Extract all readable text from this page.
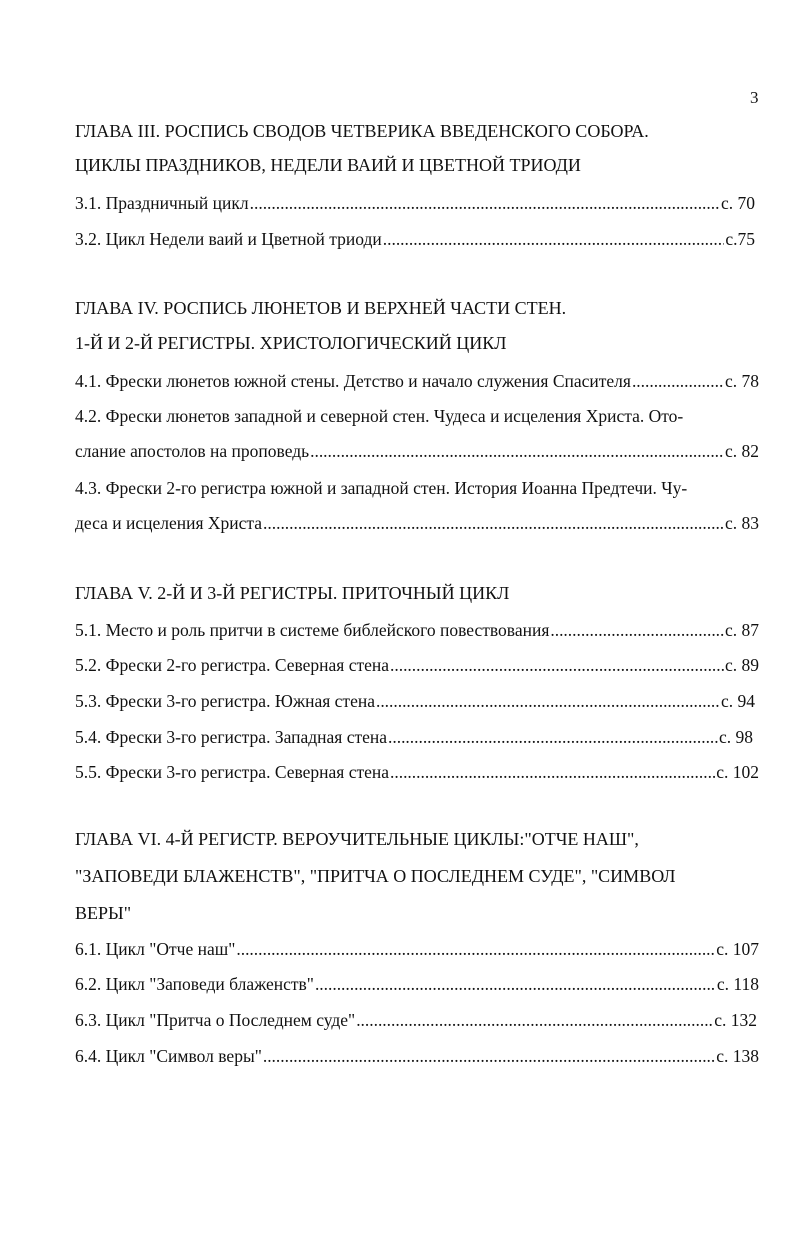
3
ГЛАВА III. РОСПИСЬ СВОДОВ ЧЕТВЕРИКА ВВЕДЕНСКОГО СОБОРА.
ЦИКЛЫ ПРАЗДНИКОВ, НЕДЕЛИ ВАИЙ И ЦВЕТНОЙ ТРИОДИ
3.1. Праздничный цикл . . .	с. 70
3.2. Цикл Недели ваий и Цветной триоди . . .	с.75
ГЛАВА IV. РОСПИСЬ ЛЮНЕТОВ И ВЕРХНЕЙ ЧАСТИ СТЕН.
1-Й И 2-Й РЕГИСТРЫ. ХРИСТОЛОГИЧЕСКИЙ ЦИКЛ
4.1. Фрески люнетов южной стены. Детство и начало служения Спасителя . . .	с. 78
4.2. Фрески люнетов западной и северной стен. Чудеса и исцеления Христа. Ото-
слание апостолов на проповедь . . .	с. 82
4.3. Фрески 2-го регистра южной и западной стен. История Иоанна Предтечи. Чу-
деса и исцеления Христа . . .	с. 83
ГЛАВА V. 2-Й И 3-Й РЕГИСТРЫ. ПРИТОЧНЫЙ ЦИКЛ
5.1. Место и роль притчи в системе библейского повествования . . .	с. 87
5.2. Фрески 2-го регистра. Северная стена . . .	с. 89
5.3. Фрески 3-го регистра. Южная стена . . .	с. 94
5.4. Фрески 3-го регистра. Западная стена . . .	с. 98
5.5. Фрески 3-го регистра. Северная стена . . .	с. 102
ГЛАВА VI. 4-Й РЕГИСТР. ВЕРОУЧИТЕЛЬНЫЕ ЦИКЛЫ:"ОТЧЕ НАШ",
"ЗАПОВЕДИ БЛАЖЕНСТВ", "ПРИТЧА О ПОСЛЕДНЕМ СУДЕ", "СИМВОЛ
ВЕРЫ"
6.1. Цикл "Отче наш" . . .	с. 107
6.2. Цикл "Заповеди блаженств" . . .	с. 118
6.3. Цикл "Притча о Последнем суде" . . .	с. 132
6.4. Цикл "Символ веры" . . .	с. 138
